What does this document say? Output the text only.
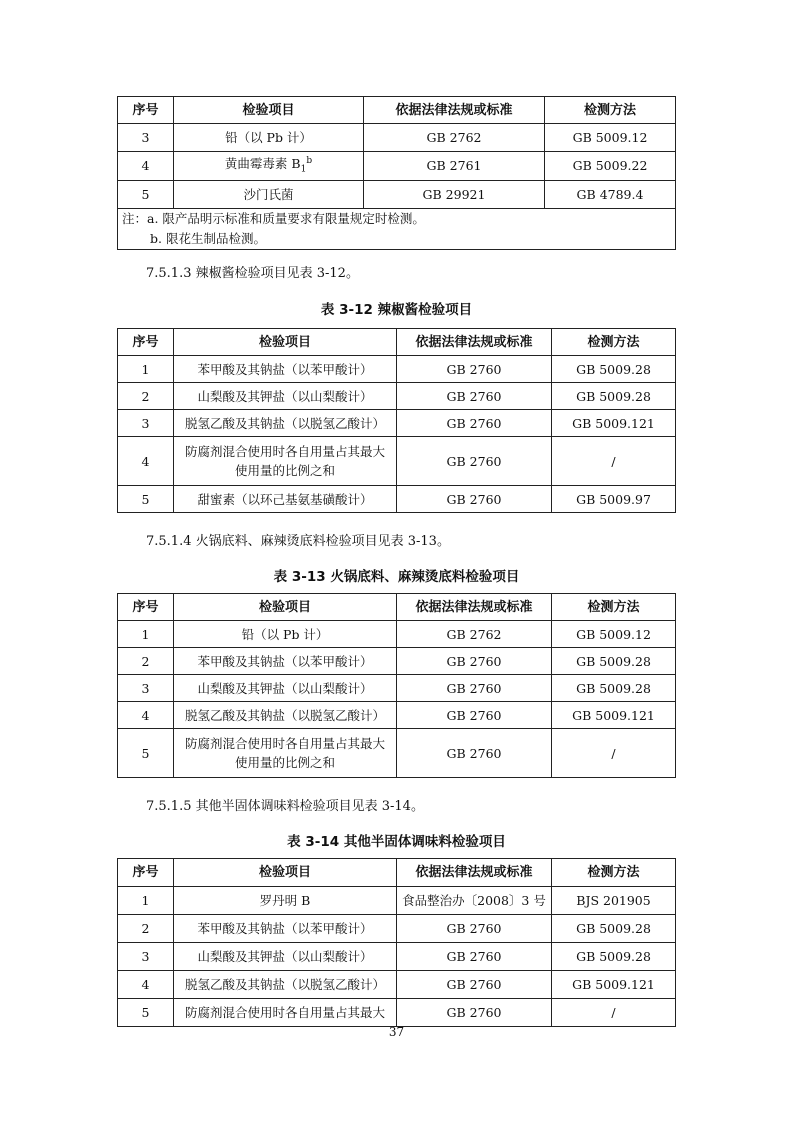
序号	检验项目	依据法律法规或标准	检测方法
3	铅（以 Pb 计）	GB 2762	GB 5009.12
4	黄曲霉毒素 $B_1^b$	GB 2761	GB 5009.22
5	沙门氏菌	GB 29921	GB 4789.4

注：a. 限产品明示标准和质量要求有限量规定时检测。
b. 限花生制品检测。			
7.5.1.3 辣椒酱检验项目见表 3-12。
表 3-12 辣椒酱检验项目
序号	检验项目	依据法律法规或标准	检测方法
1	苯甲酸及其钠盐（以苯甲酸计）	GB 2760	GB 5009.28
2	山梨酸及其钾盐（以山梨酸计）	GB 2760	GB 5009.28
3	脱氢乙酸及其钠盐（以脱氢乙酸计）	GB 2760	GB 5009.121
4	防腐剂混合使用时各自用量占其最大
使用量的比例之和	GB 2760	/
5	甜蜜素（以环己基氨基磺酸计）	GB 2760	GB 5009.97
7.5.1.4 火锅底料、麻辣烫底料检验项目见表 3-13。
表 3-13 火锅底料、麻辣烫底料检验项目
序号	检验项目	依据法律法规或标准	检测方法
1	铅（以 Pb 计）	GB 2762	GB 5009.12
2	苯甲酸及其钠盐（以苯甲酸计）	GB 2760	GB 5009.28
3	山梨酸及其钾盐（以山梨酸计）	GB 2760	GB 5009.28
4	脱氢乙酸及其钠盐（以脱氢乙酸计）	GB 2760	GB 5009.121
5	防腐剂混合使用时各自用量占其最大
使用量的比例之和	GB 2760	/
7.5.1.5 其他半固体调味料检验项目见表 3-14。
表 3-14 其他半固体调味料检验项目
序号	检验项目	依据法律法规或标准	检测方法
1	罗丹明 B	食品整治办〔2008〕3 号	BJS 201905
2	苯甲酸及其钠盐（以苯甲酸计）	GB 2760	GB 5009.28
3	山梨酸及其钾盐（以山梨酸计）	GB 2760	GB 5009.28
4	脱氢乙酸及其钠盐（以脱氢乙酸计）	GB 2760	GB 5009.121
5	防腐剂混合使用时各自用量占其最大	GB 2760	/
37
